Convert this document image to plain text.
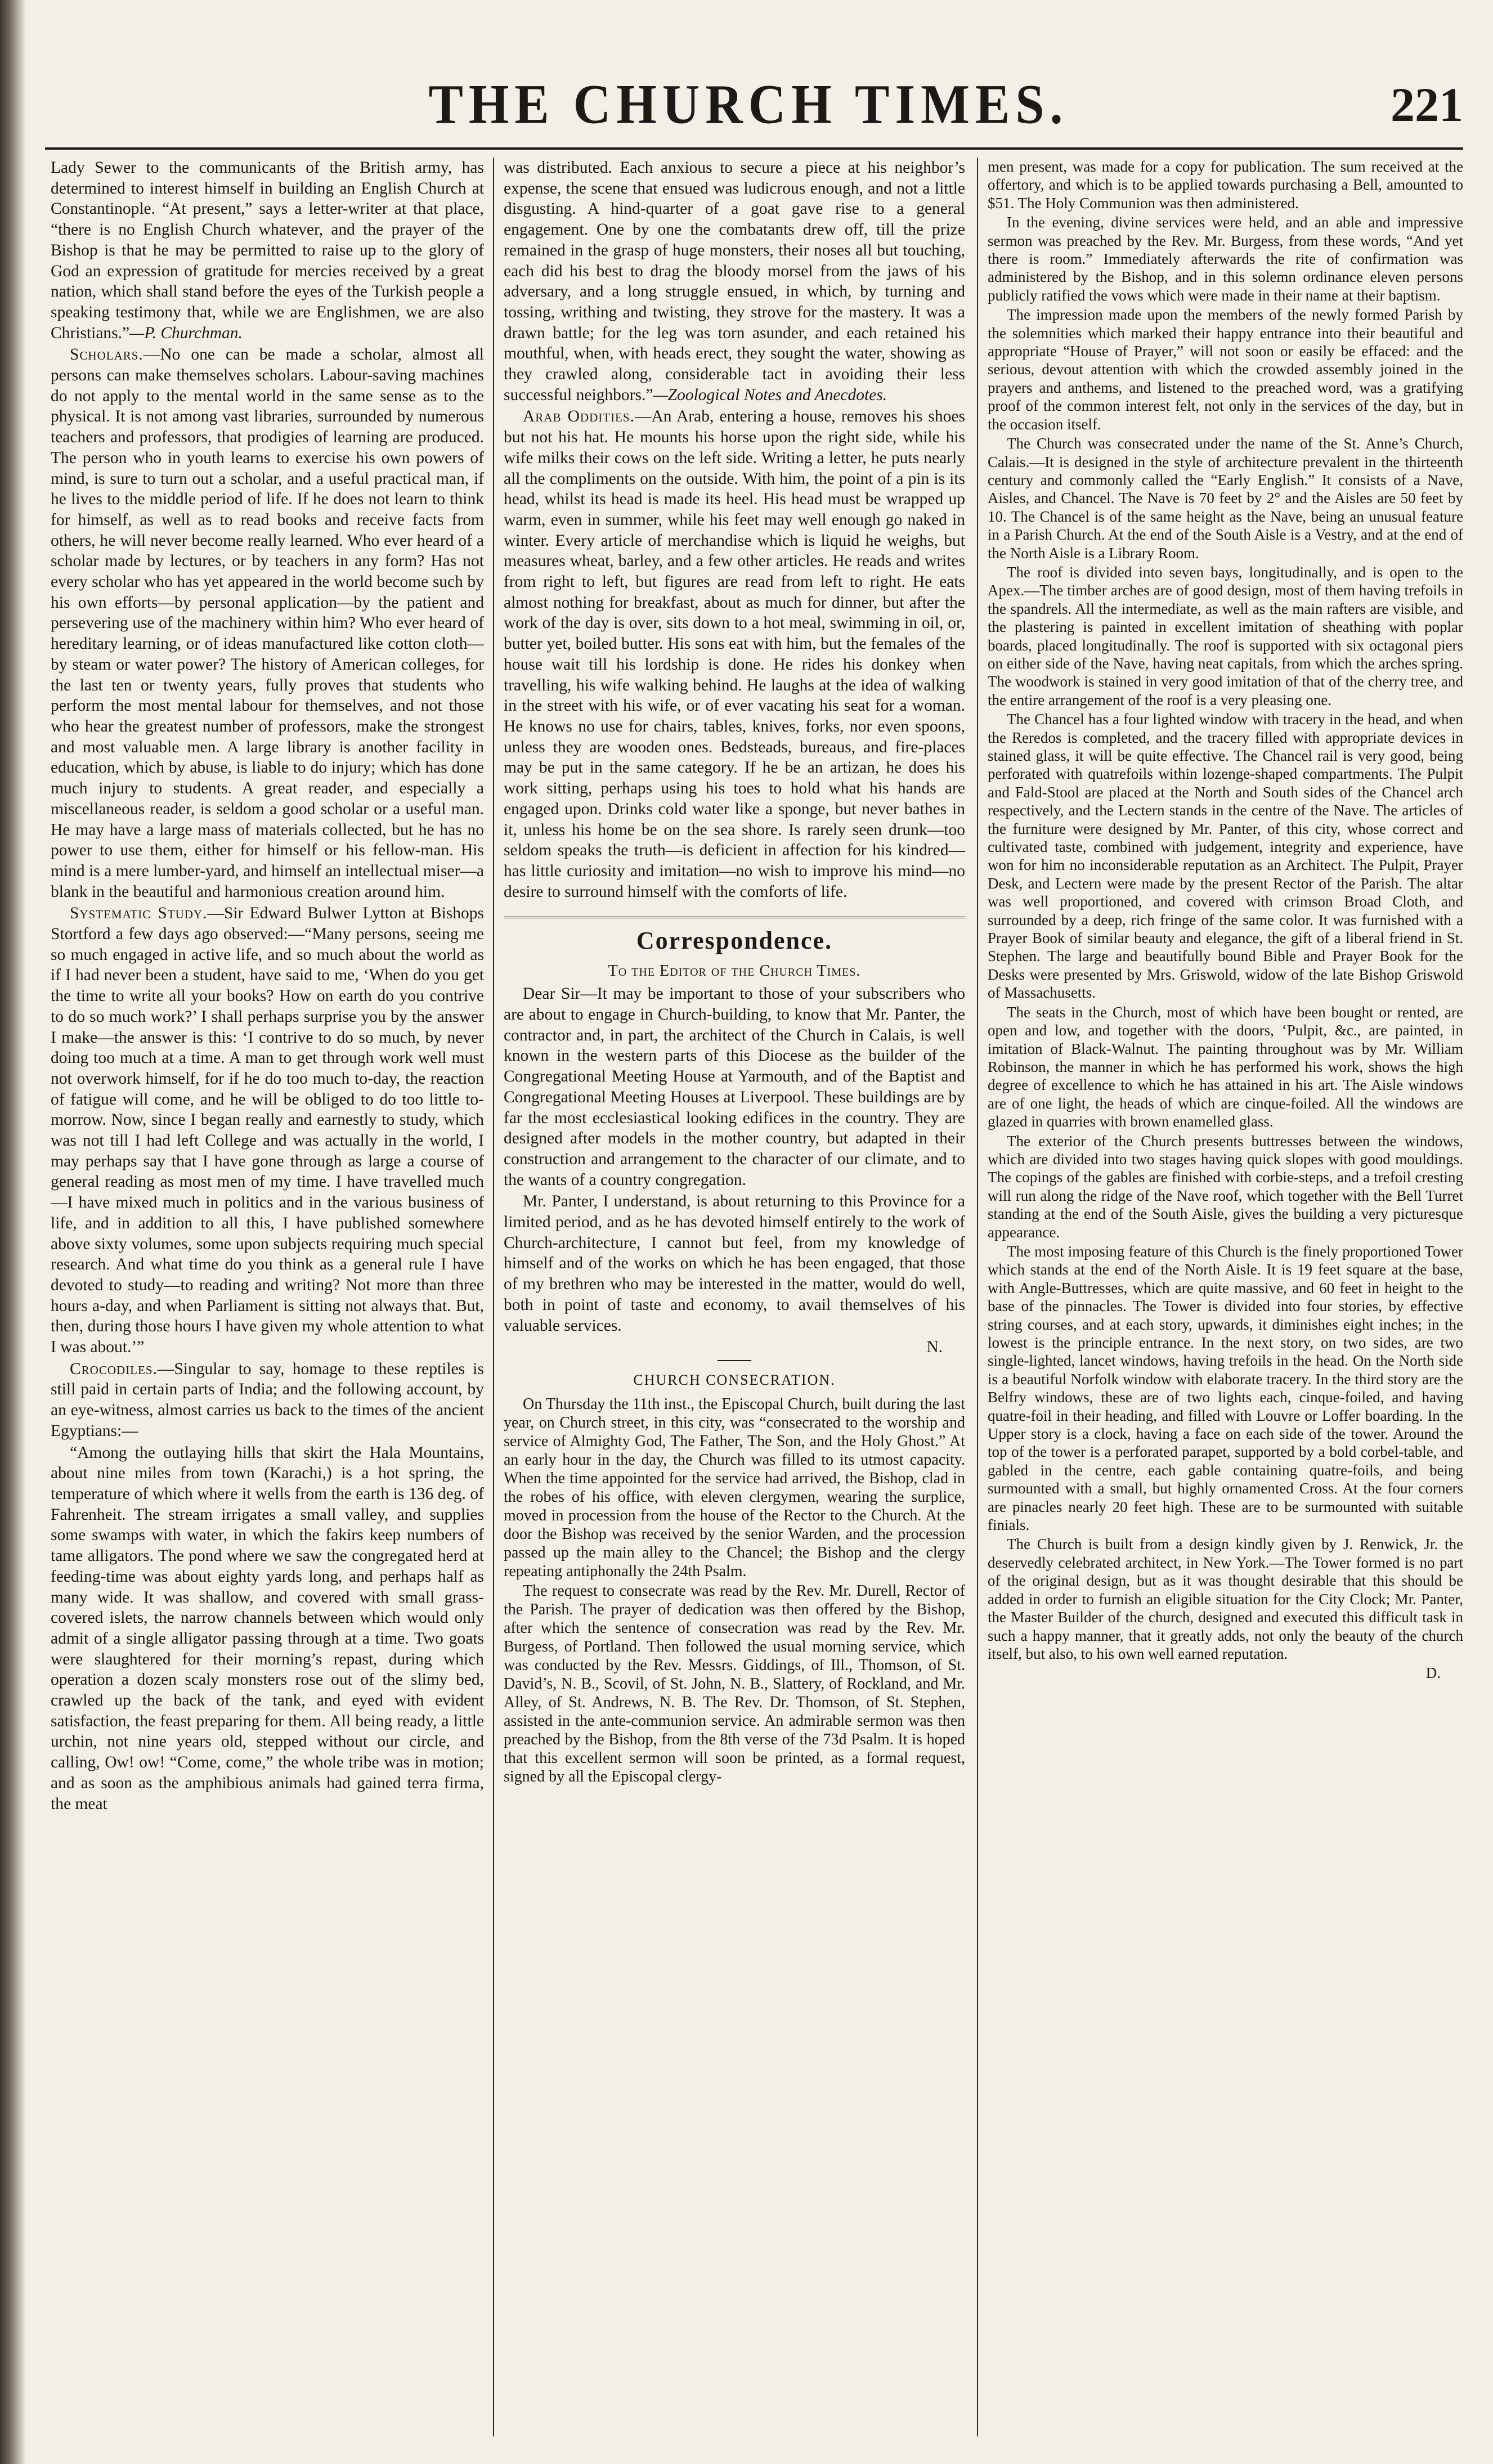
THE CHURCH TIMES.	221

Lady Sewer to the communicants of the British army, has determined to interest himself in building an English Church at Constantinople. “At present,” says a letter-writer at that place, “there is no English Church whatever, and the prayer of the Bishop is that he may be permitted to raise up to the glory of God an expression of gratitude for mercies received by a great nation, which shall stand before the eyes of the Turkish people a speaking testimony that, while we are Englishmen, we are also Christians.”—P. Churchman.

Scholars.—No one can be made a scholar, almost all persons can make themselves scholars. Labour-saving machines do not apply to the mental world in the same sense as to the physical. It is not among vast libraries, surrounded by numerous teachers and professors, that prodigies of learning are produced. The person who in youth learns to exercise his own powers of mind, is sure to turn out a scholar, and a useful practical man, if he lives to the middle period of life. If he does not learn to think for himself, as well as to read books and receive facts from others, he will never become really learned. Who ever heard of a scholar made by lectures, or by teachers in any form? Has not every scholar who has yet appeared in the world become such by his own efforts—by personal application—by the patient and persevering use of the machinery within him? Who ever heard of hereditary learning, or of ideas manufactured like cotton cloth—by steam or water power? The history of American colleges, for the last ten or twenty years, fully proves that students who perform the most mental labour for themselves, and not those who hear the greatest number of professors, make the strongest and most valuable men. A large library is another facility in education, which by abuse, is liable to do injury; which has done much injury to students. A great reader, and especially a miscellaneous reader, is seldom a good scholar or a useful man. He may have a large mass of materials collected, but he has no power to use them, either for himself or his fellow-man. His mind is a mere lumber-yard, and himself an intellectual miser—a blank in the beautiful and harmonious creation around him.

Systematic Study.—Sir Edward Bulwer Lytton at Bishops Stortford a few days ago observed:—“Many persons, seeing me so much engaged in active life, and so much about the world as if I had never been a student, have said to me, ‘When do you get the time to write all your books? How on earth do you contrive to do so much work?’ I shall perhaps surprise you by the answer I make—the answer is this: ‘I contrive to do so much, by never doing too much at a time. A man to get through work well must not overwork himself, for if he do too much to-day, the reaction of fatigue will come, and he will be obliged to do too little to-morrow. Now, since I began really and earnestly to study, which was not till I had left College and was actually in the world, I may perhaps say that I have gone through as large a course of general reading as most men of my time. I have travelled much—I have mixed much in politics and in the various business of life, and in addition to all this, I have published somewhere above sixty volumes, some upon subjects requiring much special research. And what time do you think as a general rule I have devoted to study—to reading and writing? Not more than three hours a-day, and when Parliament is sitting not always that. But, then, during those hours I have given my whole attention to what I was about.’”

Crocodiles.—Singular to say, homage to these reptiles is still paid in certain parts of India; and the following account, by an eye-witness, almost carries us back to the times of the ancient Egyptians:—

“Among the outlaying hills that skirt the Hala Mountains, about nine miles from town (Karachi,) is a hot spring, the temperature of which where it wells from the earth is 136 deg. of Fahrenheit. The stream irrigates a small valley, and supplies some swamps with water, in which the fakirs keep numbers of tame alligators. The pond where we saw the congregated herd at feeding-time was about eighty yards long, and perhaps half as many wide. It was shallow, and covered with small grass-covered islets, the narrow channels between which would only admit of a single alligator passing through at a time. Two goats were slaughtered for their morning’s repast, during which operation a dozen scaly monsters rose out of the slimy bed, crawled up the back of the tank, and eyed with evident satisfaction, the feast preparing for them. All being ready, a little urchin, not nine years old, stepped without our circle, and calling, Ow! ow! “Come, come,” the whole tribe was in motion; and as soon as the amphibious animals had gained terra firma, the meat

was distributed. Each anxious to secure a piece at his neighbor’s expense, the scene that ensued was ludicrous enough, and not a little disgusting. A hind-quarter of a goat gave rise to a general engagement. One by one the combatants drew off, till the prize remained in the grasp of huge monsters, their noses all but touching, each did his best to drag the bloody morsel from the jaws of his adversary, and a long struggle ensued, in which, by turning and tossing, writhing and twisting, they strove for the mastery. It was a drawn battle; for the leg was torn asunder, and each retained his mouthful, when, with heads erect, they sought the water, showing as they crawled along, considerable tact in avoiding their less successful neighbors.”—Zoological Notes and Anecdotes.

Arab Oddities.—An Arab, entering a house, removes his shoes but not his hat. He mounts his horse upon the right side, while his wife milks their cows on the left side. Writing a letter, he puts nearly all the compliments on the outside. With him, the point of a pin is its head, whilst its head is made its heel. His head must be wrapped up warm, even in summer, while his feet may well enough go naked in winter. Every article of merchandise which is liquid he weighs, but measures wheat, barley, and a few other articles. He reads and writes from right to left, but figures are read from left to right. He eats almost nothing for breakfast, about as much for dinner, but after the work of the day is over, sits down to a hot meal, swimming in oil, or, butter yet, boiled butter. His sons eat with him, but the females of the house wait till his lordship is done. He rides his donkey when travelling, his wife walking behind. He laughs at the idea of walking in the street with his wife, or of ever vacating his seat for a woman. He knows no use for chairs, tables, knives, forks, nor even spoons, unless they are wooden ones. Bedsteads, bureaus, and fire-places may be put in the same category. If he be an artizan, he does his work sitting, perhaps using his toes to hold what his hands are engaged upon. Drinks cold water like a sponge, but never bathes in it, unless his home be on the sea shore. Is rarely seen drunk—too seldom speaks the truth—is deficient in affection for his kindred—has little curiosity and imitation—no wish to improve his mind—no desire to surround himself with the comforts of life.

Correspondence.
To the Editor of the Church Times.

Dear Sir—It may be important to those of your subscribers who are about to engage in Church-building, to know that Mr. Panter, the contractor and, in part, the architect of the Church in Calais, is well known in the western parts of this Diocese as the builder of the Congregational Meeting House at Yarmouth, and of the Baptist and Congregational Meeting Houses at Liverpool. These buildings are by far the most ecclesiastical looking edifices in the country. They are designed after models in the mother country, but adapted in their construction and arrangement to the character of our climate, and to the wants of a country congregation.

Mr. Panter, I understand, is about returning to this Province for a limited period, and as he has devoted himself entirely to the work of Church-architecture, I cannot but feel, from my knowledge of himself and of the works on which he has been engaged, that those of my brethren who may be interested in the matter, would do well, both in point of taste and economy, to avail themselves of his valuable services.

N.
CHURCH CONSECRATION.

On Thursday the 11th inst., the Episcopal Church, built during the last year, on Church street, in this city, was “consecrated to the worship and service of Almighty God, The Father, The Son, and the Holy Ghost.” At an early hour in the day, the Church was filled to its utmost capacity. When the time appointed for the service had arrived, the Bishop, clad in the robes of his office, with eleven clergymen, wearing the surplice, moved in procession from the house of the Rector to the Church. At the door the Bishop was received by the senior Warden, and the procession passed up the main alley to the Chancel; the Bishop and the clergy repeating antiphonally the 24th Psalm.

The request to consecrate was read by the Rev. Mr. Durell, Rector of the Parish. The prayer of dedication was then offered by the Bishop, after which the sentence of consecration was read by the Rev. Mr. Burgess, of Portland. Then followed the usual morning service, which was conducted by the Rev. Messrs. Giddings, of Ill., Thomson, of St. David’s, N. B., Scovil, of St. John, N. B., Slattery, of Rockland, and Mr. Alley, of St. Andrews, N. B. The Rev. Dr. Thomson, of St. Stephen, assisted in the ante-communion service. An admirable sermon was then preached by the Bishop, from the 8th verse of the 73d Psalm. It is hoped that this excellent sermon will soon be printed, as a formal request, signed by all the Episcopal clergy-

men present, was made for a copy for publication. The sum received at the offertory, and which is to be applied towards purchasing a Bell, amounted to $51. The Holy Communion was then administered.

In the evening, divine services were held, and an able and impressive sermon was preached by the Rev. Mr. Burgess, from these words, “And yet there is room.” Immediately afterwards the rite of confirmation was administered by the Bishop, and in this solemn ordinance eleven persons publicly ratified the vows which were made in their name at their baptism.

The impression made upon the members of the newly formed Parish by the solemnities which marked their happy entrance into their beautiful and appropriate “House of Prayer,” will not soon or easily be effaced: and the serious, devout attention with which the crowded assembly joined in the prayers and anthems, and listened to the preached word, was a gratifying proof of the common interest felt, not only in the services of the day, but in the occasion itself.

The Church was consecrated under the name of the St. Anne’s Church, Calais.—It is designed in the style of architecture prevalent in the thirteenth century and commonly called the “Early English.” It consists of a Nave, Aisles, and Chancel. The Nave is 70 feet by 2° and the Aisles are 50 feet by 10. The Chancel is of the same height as the Nave, being an unusual feature in a Parish Church. At the end of the South Aisle is a Vestry, and at the end of the North Aisle is a Library Room.

The roof is divided into seven bays, longitudinally, and is open to the Apex.—The timber arches are of good design, most of them having trefoils in the spandrels. All the intermediate, as well as the main rafters are visible, and the plastering is painted in excellent imitation of sheathing with poplar boards, placed longitudinally. The roof is supported with six octagonal piers on either side of the Nave, having neat capitals, from which the arches spring. The woodwork is stained in very good imitation of that of the cherry tree, and the entire arrangement of the roof is a very pleasing one.

The Chancel has a four lighted window with tracery in the head, and when the Reredos is completed, and the tracery filled with appropriate devices in stained glass, it will be quite effective. The Chancel rail is very good, being perforated with quatrefoils within lozenge-shaped compartments. The Pulpit and Fald-Stool are placed at the North and South sides of the Chancel arch respectively, and the Lectern stands in the centre of the Nave. The articles of the furniture were designed by Mr. Panter, of this city, whose correct and cultivated taste, combined with judgement, integrity and experience, have won for him no inconsiderable reputation as an Architect. The Pulpit, Prayer Desk, and Lectern were made by the present Rector of the Parish. The altar was well proportioned, and covered with crimson Broad Cloth, and surrounded by a deep, rich fringe of the same color. It was furnished with a Prayer Book of similar beauty and elegance, the gift of a liberal friend in St. Stephen. The large and beautifully bound Bible and Prayer Book for the Desks were presented by Mrs. Griswold, widow of the late Bishop Griswold of Massachusetts.

The seats in the Church, most of which have been bought or rented, are open and low, and together with the doors, ‘Pulpit, &c., are painted, in imitation of Black-Walnut. The painting throughout was by Mr. William Robinson, the manner in which he has performed his work, shows the high degree of excellence to which he has attained in his art. The Aisle windows are of one light, the heads of which are cinque-foiled. All the windows are glazed in quarries with brown enamelled glass.

The exterior of the Church presents buttresses between the windows, which are divided into two stages having quick slopes with good mouldings. The copings of the gables are finished with corbie-steps, and a trefoil cresting will run along the ridge of the Nave roof, which together with the Bell Turret standing at the end of the South Aisle, gives the building a very picturesque appearance.

The most imposing feature of this Church is the finely proportioned Tower which stands at the end of the North Aisle. It is 19 feet square at the base, with Angle-Buttresses, which are quite massive, and 60 feet in height to the base of the pinnacles. The Tower is divided into four stories, by effective string courses, and at each story, upwards, it diminishes eight inches; in the lowest is the principle entrance. In the next story, on two sides, are two single-lighted, lancet windows, having trefoils in the head. On the North side is a beautiful Norfolk window with elaborate tracery. In the third story are the Belfry windows, these are of two lights each, cinque-foiled, and having quatre-foil in their heading, and filled with Louvre or Loffer boarding. In the Upper story is a clock, having a face on each side of the tower. Around the top of the tower is a perforated parapet, supported by a bold corbel-table, and gabled in the centre, each gable containing quatre-foils, and being surmounted with a small, but highly ornamented Cross. At the four corners are pinacles nearly 20 feet high. These are to be surmounted with suitable finials.

The Church is built from a design kindly given by J. Renwick, Jr. the deservedly celebrated architect, in New York.—The Tower formed is no part of the original design, but as it was thought desirable that this should be added in order to furnish an eligible situation for the City Clock; Mr. Panter, the Master Builder of the church, designed and executed this difficult task in such a happy manner, that it greatly adds, not only the beauty of the church itself, but also, to his own well earned reputation.

D.
